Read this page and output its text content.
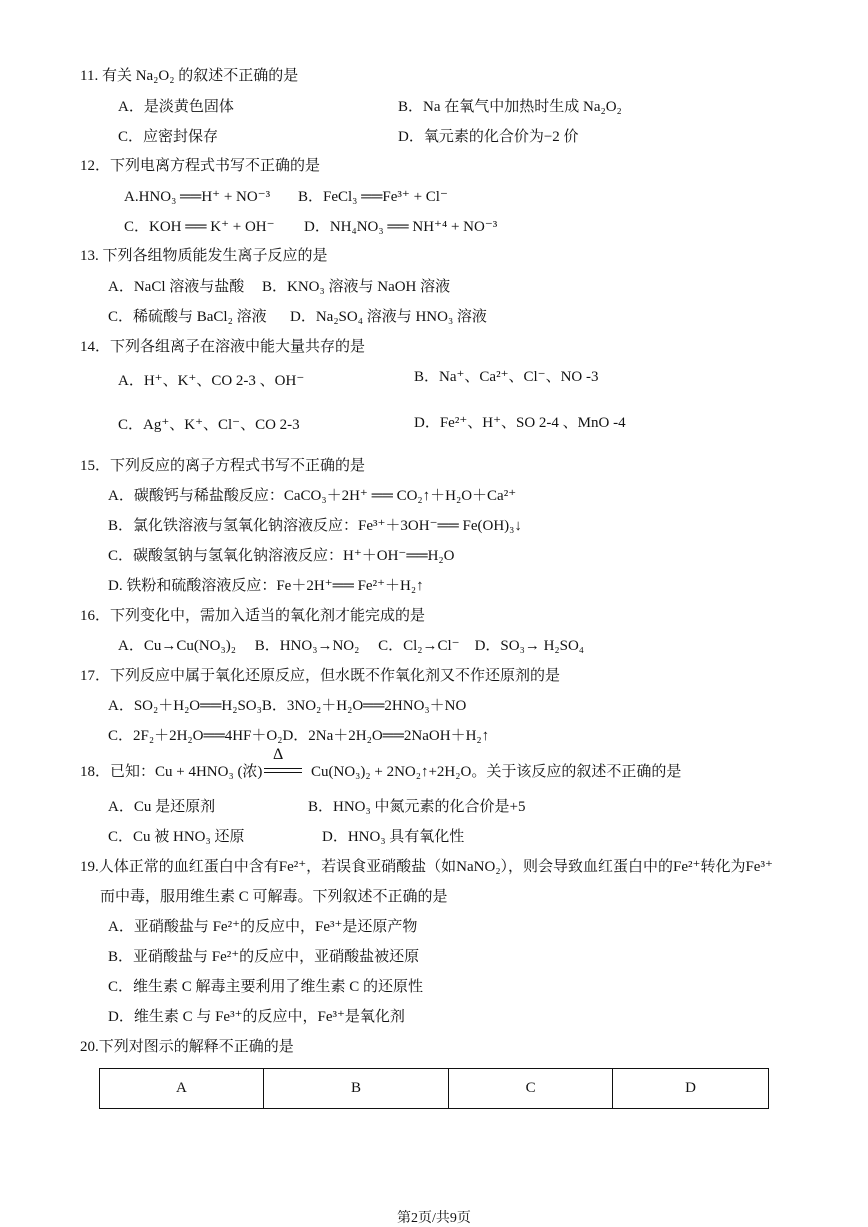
11. 有关 Na₂O₂ 的叙述不正确的是
A．是淡黄色固体	B．Na 在氧气中加热时生成 Na₂O₂
C．应密封保存	D．氧元素的化合价为−2 价
12．下列电离方程式书写不正确的是
A.HNO₃ ══H⁺ + NO⁻³ B．FeCl₃ ══Fe³⁺ + Cl⁻
C．KOH ══ K⁺ + OH⁻ D．NH₄NO₃ ══ NH⁺⁴ + NO⁻³
13. 下列各组物质能发生离子反应的是
A．NaCl 溶液与盐酸 B．KNO₃ 溶液与 NaOH 溶液
C．稀硫酸与 BaCl₂ 溶液 D．Na₂SO₄ 溶液与 HNO₃ 溶液
14．下列各组离子在溶液中能大量共存的是
A．H⁺、K⁺、CO 2-3 、OH⁻	B．Na⁺、Ca²⁺、Cl⁻、NO -3
C．Ag⁺、K⁺、Cl⁻、CO 2-3	D．Fe²⁺、H⁺、SO 2-4 、MnO -4
15．下列反应的离子方程式书写不正确的是
A．碳酸钙与稀盐酸反应：CaCO₃＋2H⁺ ══ CO₂↑＋H₂O＋Ca²⁺
B．氯化铁溶液与氢氧化钠溶液反应：Fe³⁺＋3OH⁻══ Fe(OH)₃↓
C．碳酸氢钠与氢氧化钠溶液反应：H⁺＋OH⁻══H₂O
D. 铁粉和硫酸溶液反应：Fe＋2H⁺══ Fe²⁺＋H₂↑
16．下列变化中，需加入适当的氧化剂才能完成的是
A．Cu→Cu(NO₃)₂　 B．HNO₃→NO₂　 C．Cl₂→Cl⁻　D．SO₃→ H₂SO₄
17．下列反应中属于氧化还原反应，但水既不作氧化剂又不作还原剂的是
A．SO₂＋H₂O══H₂SO₃B．3NO₂＋H₂O══2HNO₃＋NO
C．2F₂＋2H₂O══4HF＋O₂D．2Na＋2H₂O══2NaOH＋H₂↑
18．已知：Cu + 4HNO₃ (浓)
Δ
Cu(NO₃)₂ + 2NO₂↑+2H₂O。关于该反应的叙述不正确的是
A．Cu 是还原剂	B．HNO₃ 中氮元素的化合价是+5
C．Cu 被 HNO₃ 还原	D．HNO₃ 具有氧化性
19.人体正常的血红蛋白中含有Fe²⁺，若误食亚硝酸盐（如NaNO₂），则会导致血红蛋白中的Fe²⁺转化为Fe³⁺
而中毒，服用维生素 C 可解毒。下列叙述不正确的是
A．亚硝酸盐与 Fe²⁺的反应中，Fe³⁺是还原产物
B．亚硝酸盐与 Fe²⁺的反应中，亚硝酸盐被还原
C．维生素 C 解毒主要利用了维生素 C 的还原性
D．维生素 C 与 Fe³⁺的反应中，Fe³⁺是氧化剂
20.下列对图示的解释不正确的是
A	B	C	D
第2页/共9页
